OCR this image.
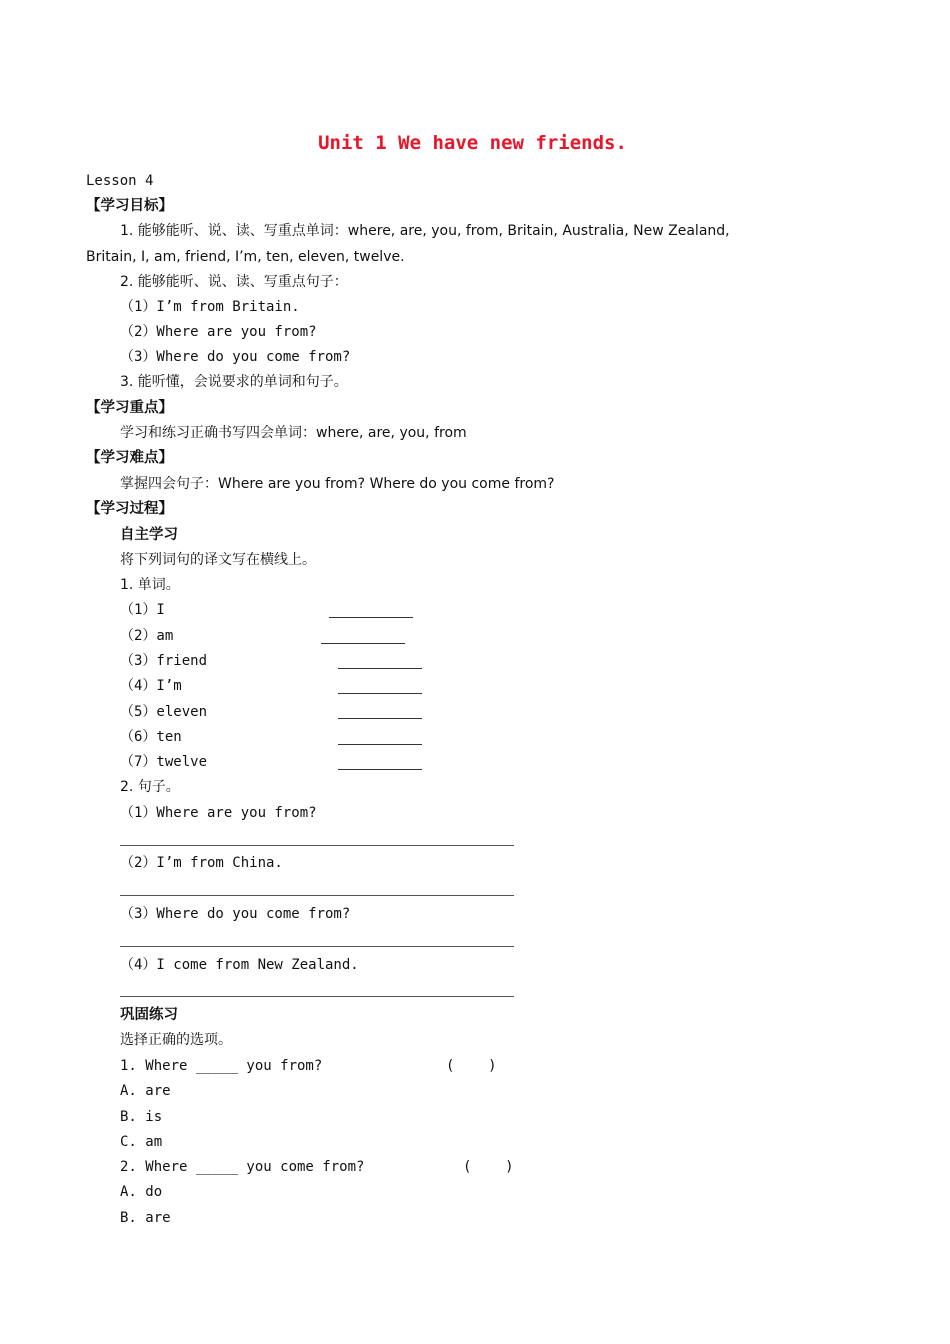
Unit 1 We have new friends.
Lesson 4
【学习目标】
1. 能够能听、说、读、写重点单词：where, are, you, from, Britain, Australia, New Zealand,
Britain, I, am, friend, I’m, ten, eleven, twelve.
2. 能够能听、说、读、写重点句子：
（1）I’m from Britain.
（2）Where are you from?
（3）Where do you come from?
3. 能听懂，会说要求的单词和句子。
【学习重点】
学习和练习正确书写四会单词：where, are, you, from
【学习难点】
掌握四会句子：Where are you from? Where do you come from?
【学习过程】
自主学习
将下列词句的译文写在横线上。
1. 单词。
（1）I
（2）am
（3）friend
（4）I’m
（5）eleven
（6）ten
（7）twelve
2. 句子。
（1）Where are you from?
（2）I’m from China.
（3）Where do you come from?
（4）I come from New Zealand.
巩固练习
选择正确的选项。
1. Where _____ you from?	(    )
A. are
B. is
C. am
2. Where _____ you come from?	(    )
A. do
B. are
